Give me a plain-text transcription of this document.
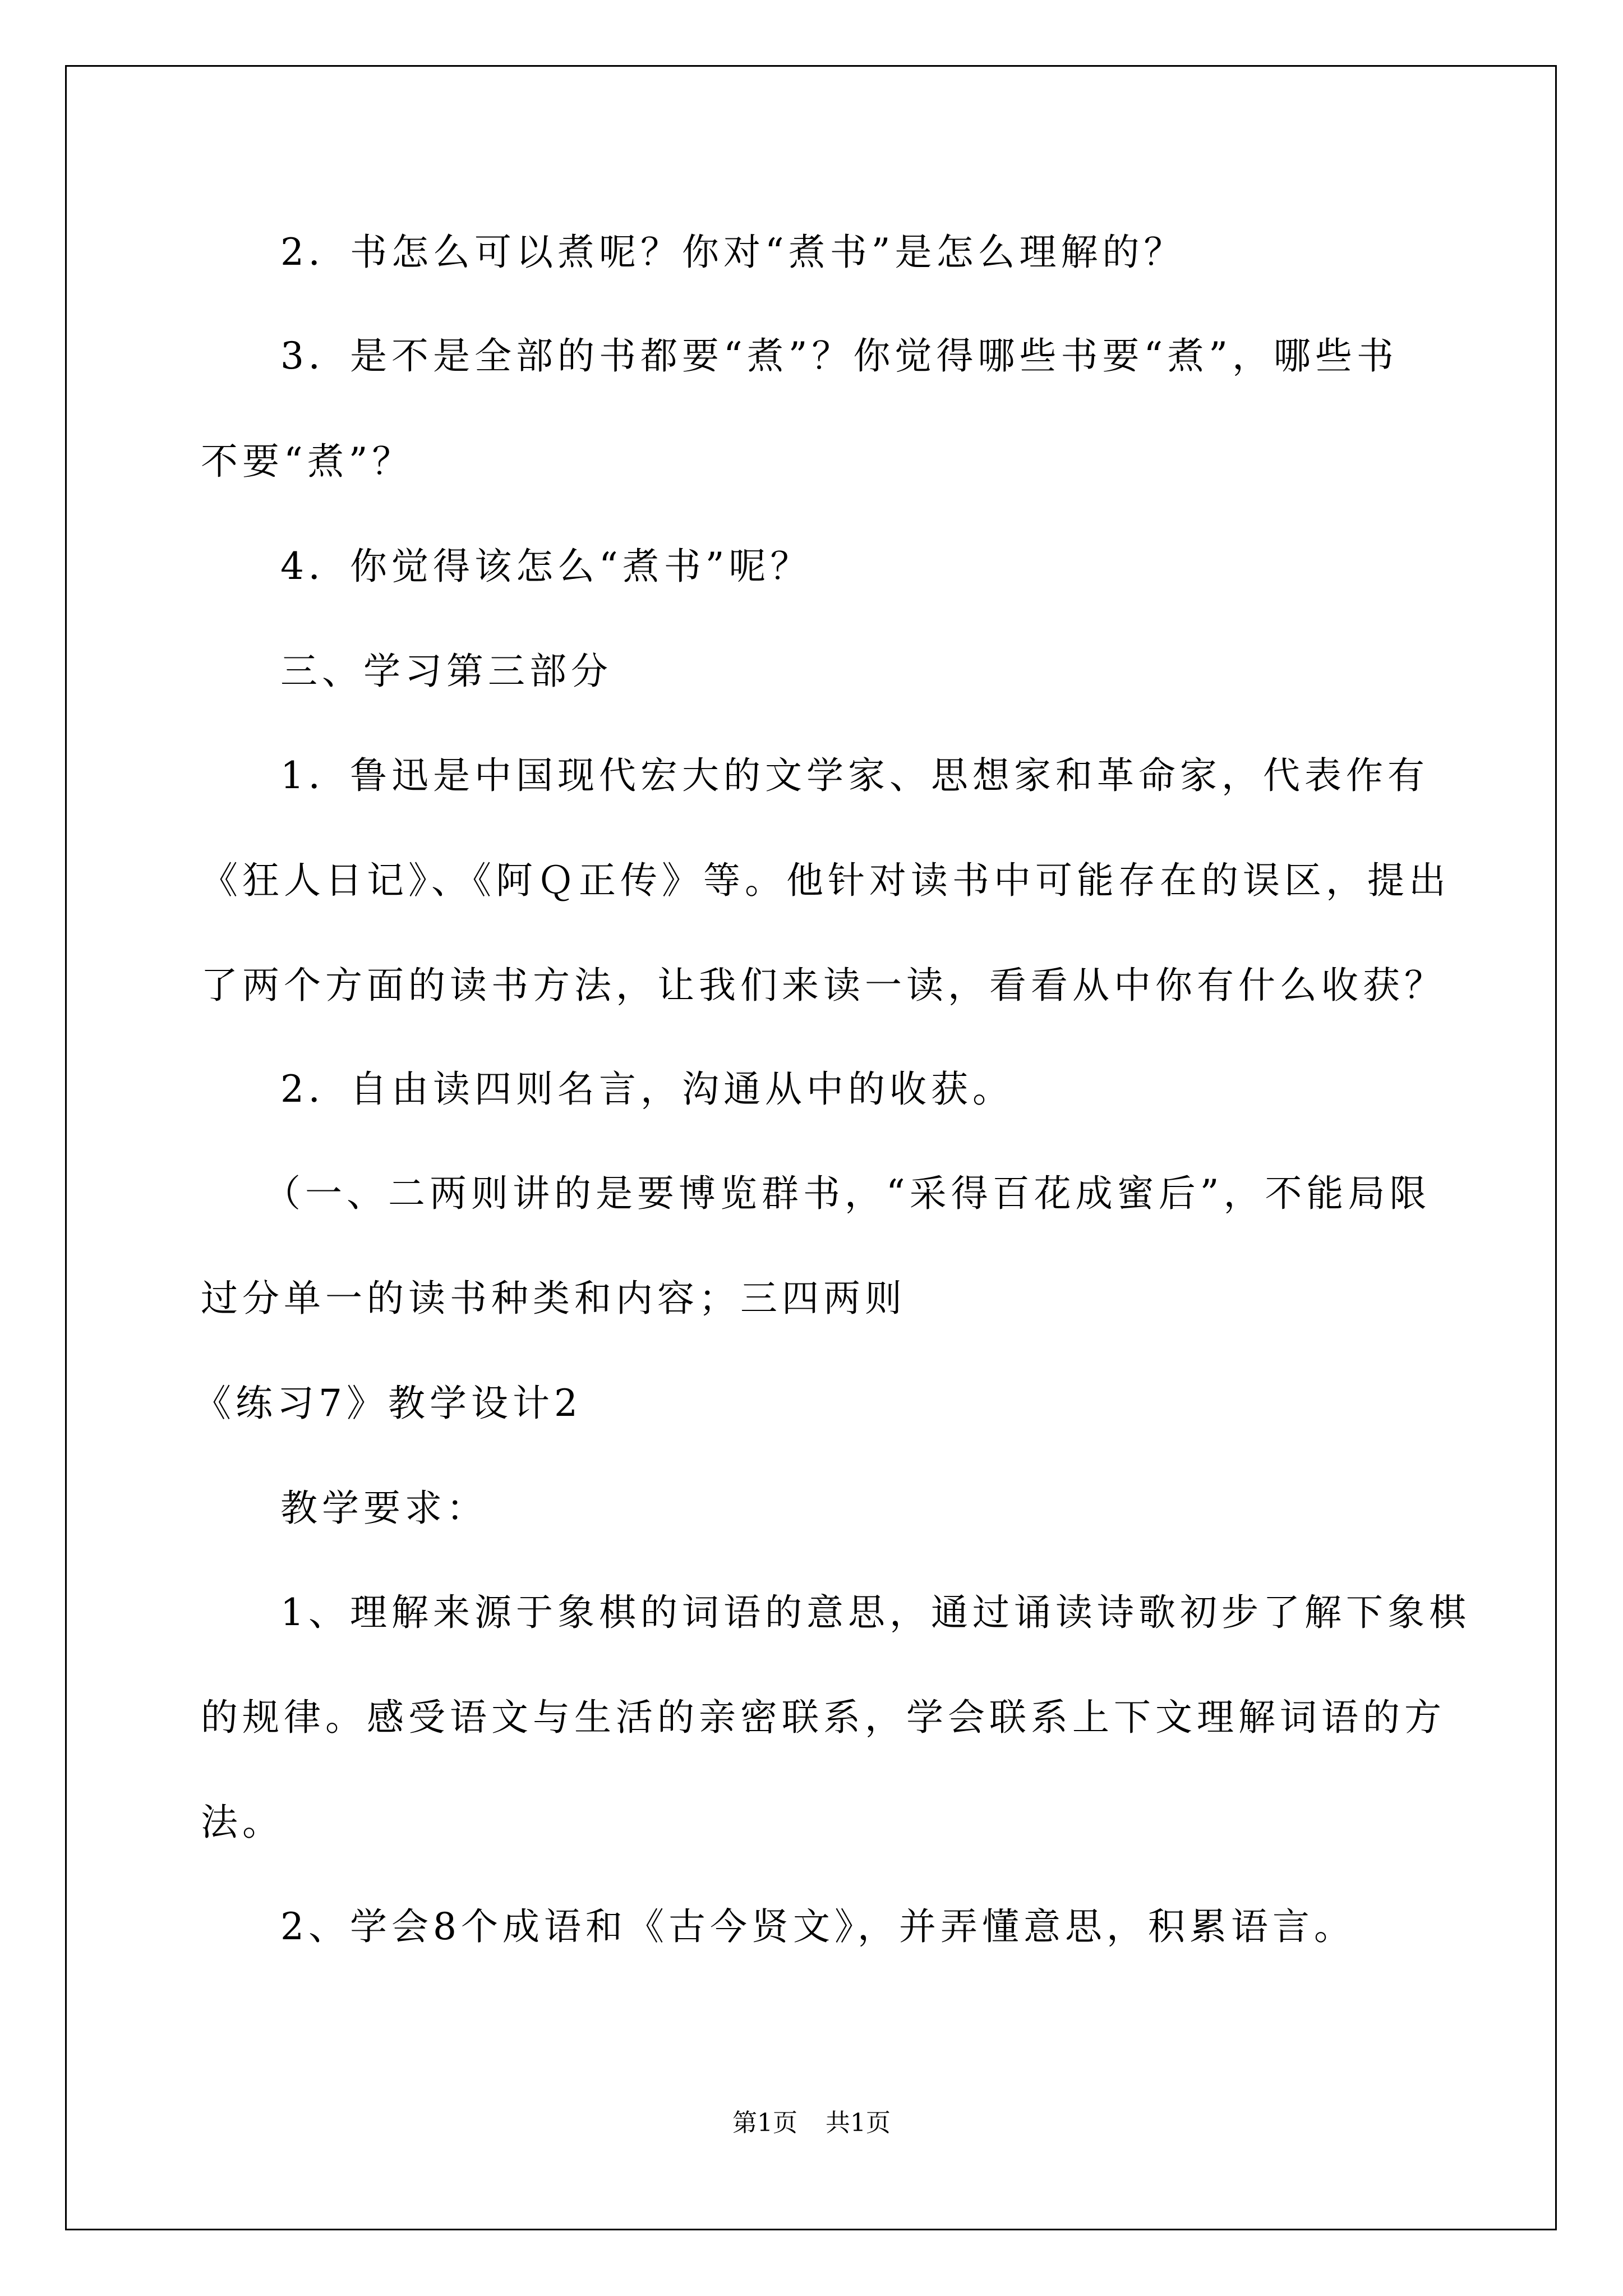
2．书怎么可以煮呢？你对“煮书”是怎么理解的？

3．是不是全部的书都要“煮”？你觉得哪些书要“煮”，哪些书

不要“煮”？

4．你觉得该怎么“煮书”呢？

三、学习第三部分

1．鲁迅是中国现代宏大的文学家、思想家和革命家，代表作有

《狂人日记》、《阿Ｑ正传》等。他针对读书中可能存在的误区，提出

了两个方面的读书方法，让我们来读一读，看看从中你有什么收获？

2．自由读四则名言，沟通从中的收获。

（一、二两则讲的是要博览群书，“采得百花成蜜后”，不能局限

过分单一的读书种类和内容；三四两则

《练习7》教学设计2

教学要求：

1、理解来源于象棋的词语的意思，通过诵读诗歌初步了解下象棋

的规律。感受语文与生活的亲密联系，学会联系上下文理解词语的方

法。

2、学会8个成语和《古今贤文》，并弄懂意思，积累语言。

第1页 共1页
